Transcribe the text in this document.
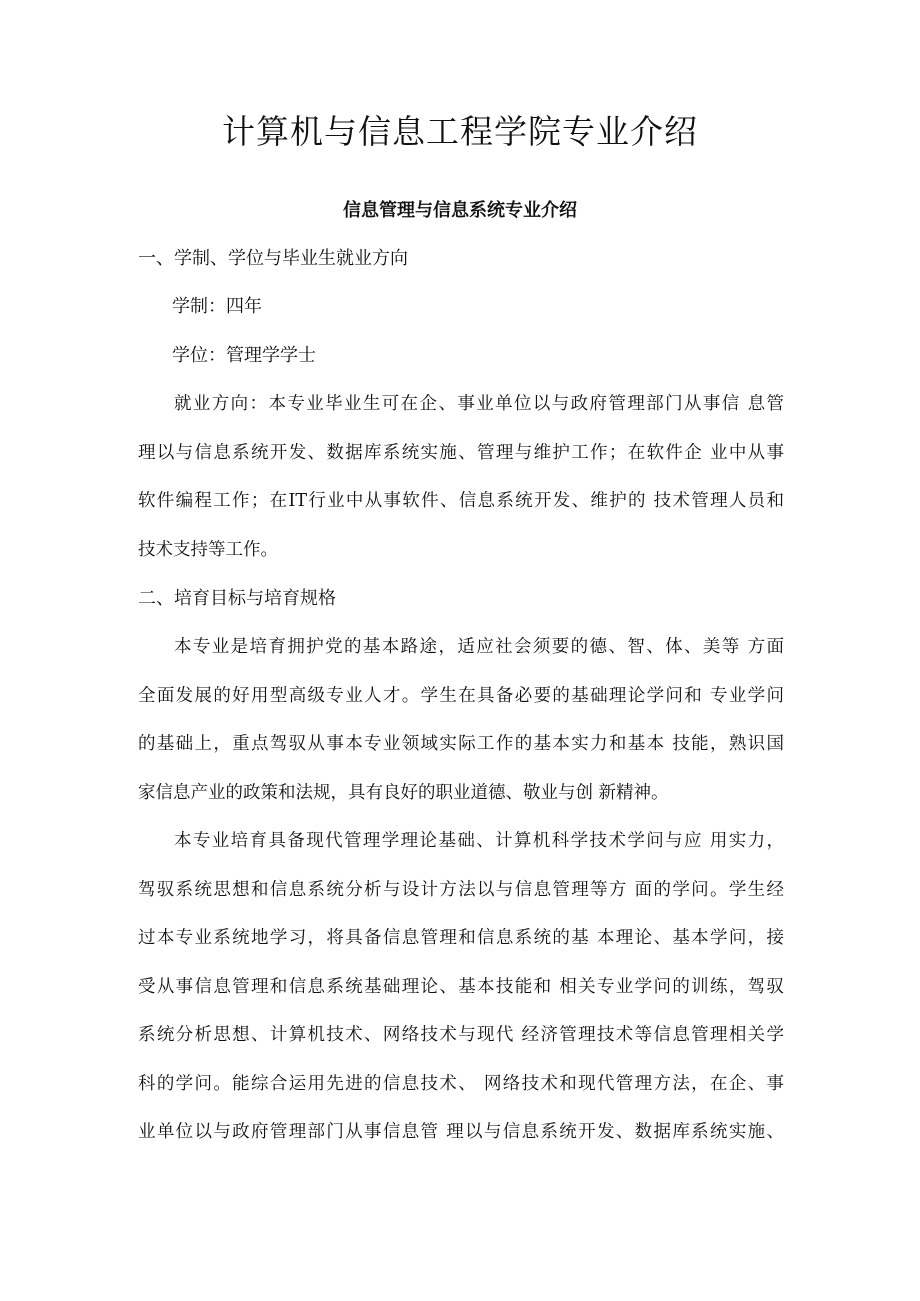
计算机与信息工程学院专业介绍
信息管理与信息系统专业介绍

一、学制、学位与毕业生就业方向

学制：四年

学位：管理学学士

就业方向：本专业毕业生可在企、事业单位以与政府管理部门从事信 息管
理以与信息系统开发、数据库系统实施、管理与维护工作；在软件企 业中从事
软件编程工作；在IT行业中从事软件、信息系统开发、维护的 技术管理人员和
技术支持等工作。

二、培育目标与培育规格

本专业是培育拥护党的基本路途，适应社会须要的德、智、体、美等 方面
全面发展的好用型高级专业人才。学生在具备必要的基础理论学问和 专业学问
的基础上，重点驾驭从事本专业领域实际工作的基本实力和基本 技能，熟识国
家信息产业的政策和法规，具有良好的职业道德、敬业与创 新精神。
本专业培育具备现代管理学理论基础、计算机科学技术学问与应 用实力，
驾驭系统思想和信息系统分析与设计方法以与信息管理等方 面的学问。学生经
过本专业系统地学习，将具备信息管理和信息系统的基 本理论、基本学问，接
受从事信息管理和信息系统基础理论、基本技能和 相关专业学问的训练，驾驭
系统分析思想、计算机技术、网络技术与现代 经济管理技术等信息管理相关学
科的学问。能综合运用先进的信息技术、 网络技术和现代管理方法，在企、事
业单位以与政府管理部门从事信息管 理以与信息系统开发、数据库系统实施、
